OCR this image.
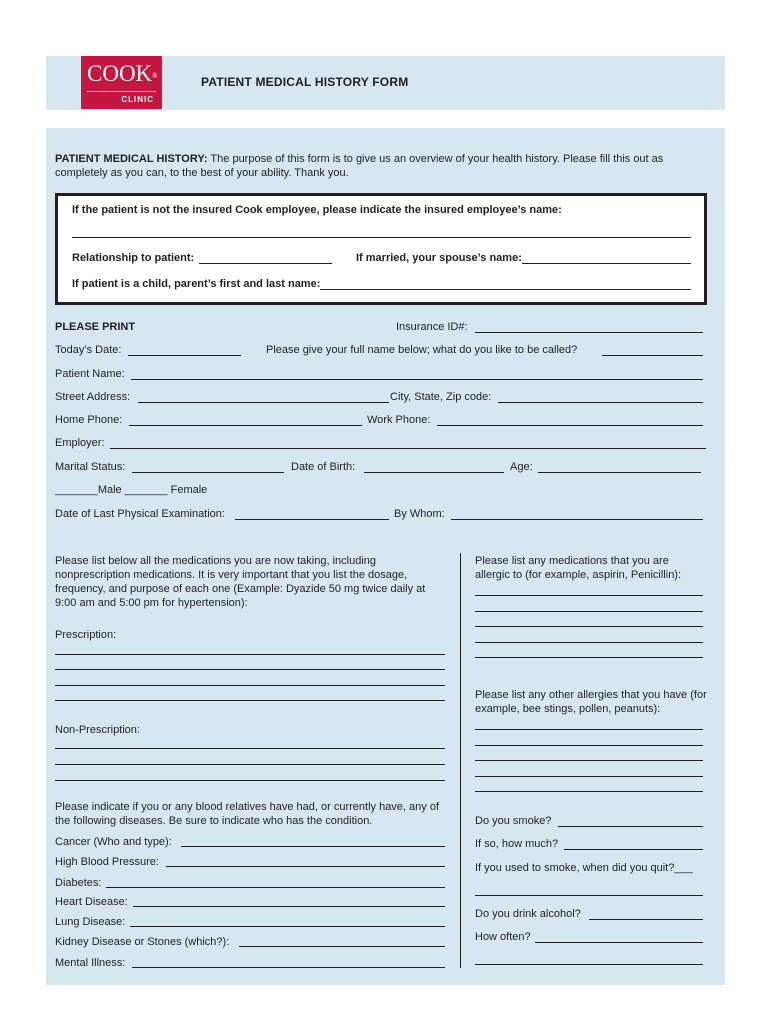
COOK®
CLINIC
PATIENT MEDICAL HISTORY FORM
PATIENT MEDICAL HISTORY: The purpose of this form is to give us an overview of your health history. Please fill this out as completely as you can, to the best of your ability. Thank you.
If the patient is not the insured Cook employee, please indicate the insured employee’s name:
Relationship to patient:	If married, your spouse’s name:
If patient is a child, parent’s first and last name:
PLEASE PRINT	Insurance ID#:
Today’s Date:	Please give your full name below; what do you like to be called?
Patient Name:
Street Address:	City, State, Zip code:
Home Phone:	Work Phone:
Employer:
Marital Status:	Date of Birth:	Age:
_______Male _______ Female
Date of Last Physical Examination:	By Whom:
Please list below all the medications you are now taking, including nonprescription medications. It is very important that you list the dosage, frequency, and purpose of each one (Example: Dyazide 50 mg twice daily at 9:00 am and 5:00 pm for hypertension):
Prescription:
Non-Prescription:
Please indicate if you or any blood relatives have had, or currently have, any of the following diseases. Be sure to indicate who has the condition.
Cancer (Who and type):
High Blood Pressure:
Diabetes:
Heart Disease:
Lung Disease:
Kidney Disease or Stones (which?):
Mental Illness:
Please list any medications that you are allergic to (for example, aspirin, Penicillin):
Please list any other allergies that you have (for example, bee stings, pollen, peanuts):
Do you smoke?
If so, how much?
If you used to smoke, when did you quit?___
Do you drink alcohol?
How often?
